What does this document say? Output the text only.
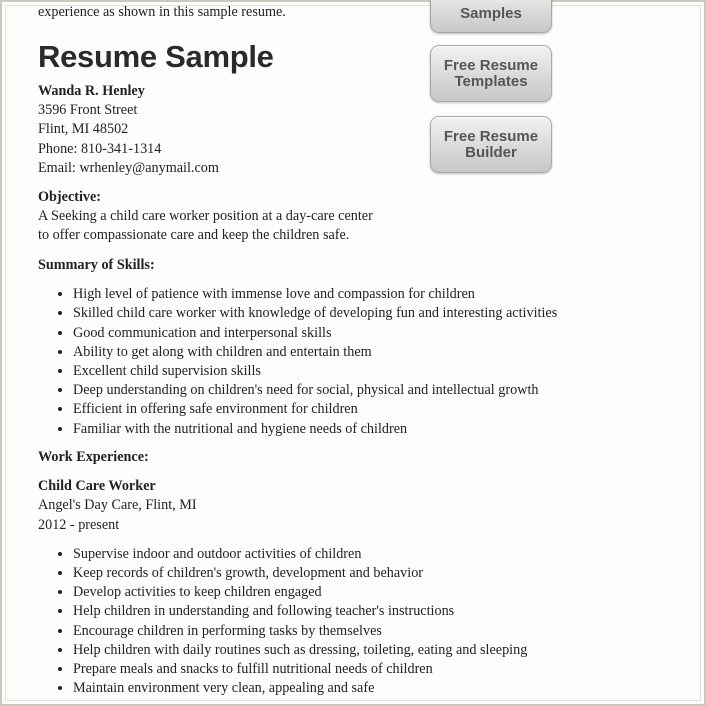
experience as shown in this sample resume.
Resume Sample
Wanda R. Henley
3596 Front Street
Flint, MI 48502
Phone: 810-341-1314
Email: wrhenley@anymail.com
Objective:
A Seeking a child care worker position at a day-care center
to offer compassionate care and keep the children safe.
Summary of Skills:
• High level of patience with immense love and compassion for children
• Skilled child care worker with knowledge of developing fun and interesting activities
• Good communication and interpersonal skills
• Ability to get along with children and entertain them
• Excellent child supervision skills
• Deep understanding on children's need for social, physical and intellectual growth
• Efficient in offering safe environment for children
• Familiar with the nutritional and hygiene needs of children
Work Experience:
Child Care Worker
Angel's Day Care, Flint, MI
2012 - present
• Supervise indoor and outdoor activities of children
• Keep records of children's growth, development and behavior
• Develop activities to keep children engaged
• Help children in understanding and following teacher's instructions
• Encourage children in performing tasks by themselves
• Help children with daily routines such as dressing, toileting, eating and sleeping
• Prepare meals and snacks to fulfill nutritional needs of children
• Maintain environment very clean, appealing and safe
Samples
Free Resume
Templates
Free Resume
Builder
